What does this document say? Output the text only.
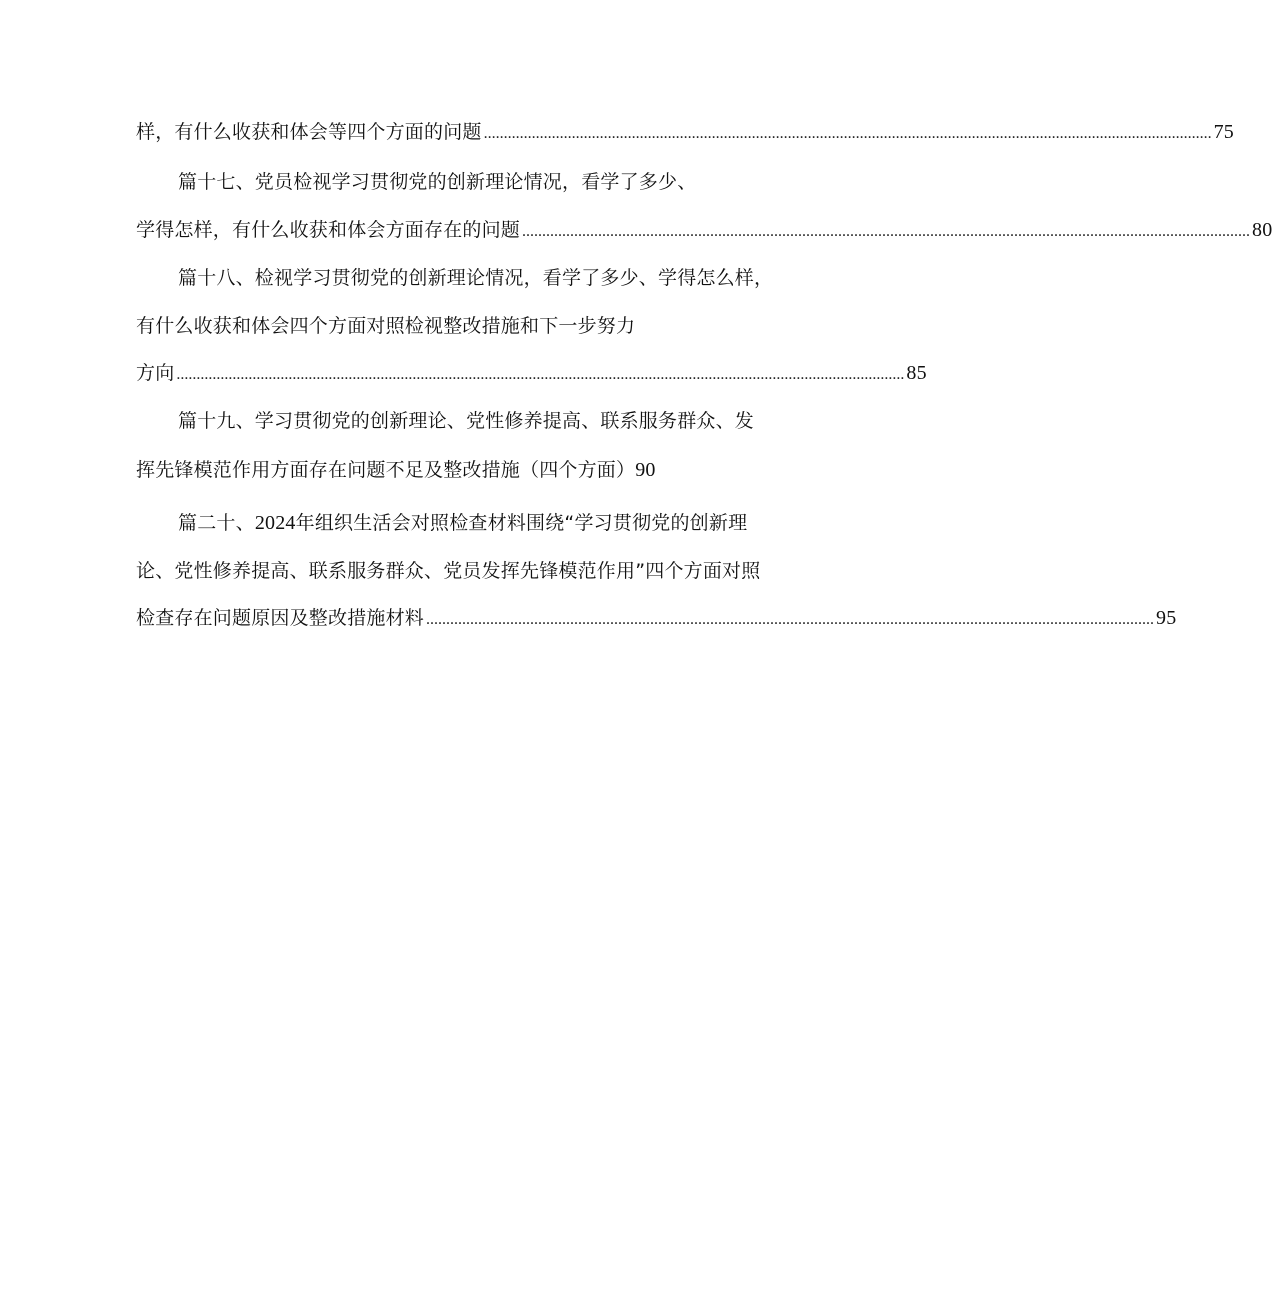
样，有什么收获和体会等四个方面的问题 ...................................................................................................................................................................................... 75
篇十七、党员检视学习贯彻党的创新理论情况，看学了多少、
学得怎样，有什么收获和体会方面存在的问题 ...................................................................................................................................................................................... 80
篇十八、检视学习贯彻党的创新理论情况，看学了多少、学得怎么样，
有什么收获和体会四个方面对照检视整改措施和下一步努力
方向 ...................................................................................................................................................................................... 85
篇十九、学习贯彻党的创新理论、党性修养提高、联系服务群众、发
挥先锋模范作用方面存在问题不足及整改措施（四个方面） 90
篇二十、2024年组织生活会对照检查材料围绕“学习贯彻党的创新理
论、党性修养提高、联系服务群众、党员发挥先锋模范作用”四个方面对照
检查存在问题原因及整改措施材料 ...................................................................................................................................................................................... 95
